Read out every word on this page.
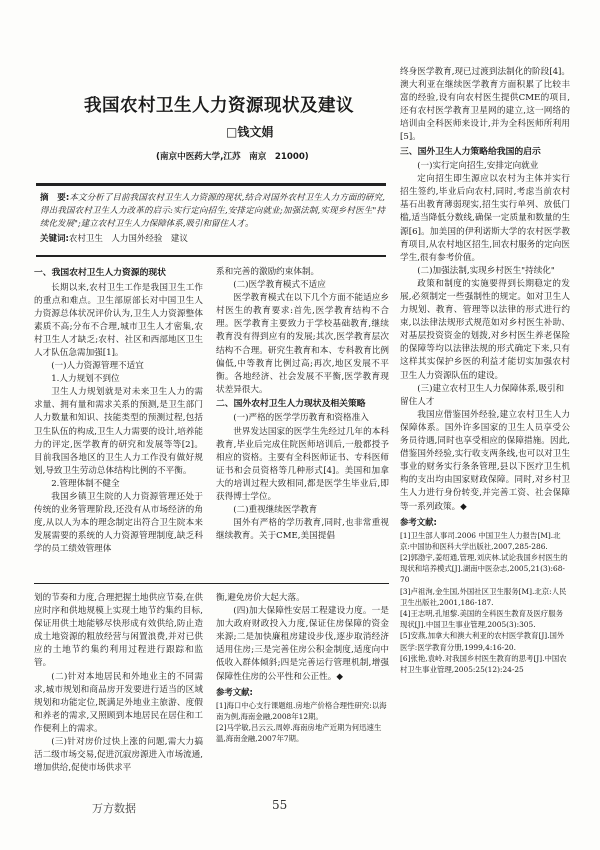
我国农村卫生人力资源现状及建议
□钱文娟
(南京中医药大学,江苏　南京　21000)
摘　要:本文分析了目前我国农村卫生人力资源的现状,结合对国外农村卫生人力方面的研究,得出我国农村卫生人力改革的启示:实行定向招生,安排定向就业;加强法制,实现乡村医生"持续化发展";建立农村卫生人力保障体系,吸引和留住人才。
关键词:农村卫生　人力国外经验　建议
一、我国农村卫生人力资源的现状
长期以来,农村卫生工作是我国卫生工作的重点和难点。卫生部原部长对中国卫生人力资源总体状况评价认为,卫生人力资源整体素质不高;分布不合理,城市卫生人才密集,农村卫生人才缺乏;农村、社区和西部地区卫生人才队伍急需加强[1]。
(一)人力资源管理不适宜
1.人力规划不到位
卫生人力规划就是对未来卫生人力的需求量、拥有量和需求关系的预测,是卫生部门人力数量和知识、技能类型的预测过程,包括卫生队伍的构成,卫生人力需要的设计,培养能力的评定,医学教育的研究和发展等等[2]。目前我国各地区的卫生人力工作没有做好规划,导致卫生劳动总体结构比例的不平衡。
2.管理体制不健全
我国乡镇卫生院的人力资源管理还处于传统的业务管理阶段,还没有从市场经济的角度,从以人为本的理念制定出符合卫生院本来发展需要的系统的人力资源管理制度,缺乏科学的员工绩效管理体
系和完善的激励约束体制。
(二)医学教育模式不适应
医学教育模式在以下几个方面不能适应乡村医生的教育要求:首先,医学教育结构不合理。医学教育主要致力于学校基础教育,继续教育没有得到应有的发展;其次,医学教育层次结构不合理。研究生教育和本、专科教育比例偏低,中等教育比例过高;再次,地区发展不平衡。各地经济、社会发展不平衡,医学教育现状差异很大。
二、国外农村卫生人力现状及相关策略
(一)严格的医学学历教育和资格准入
世界发达国家的医学生先经过几年的本科教育,毕业后完成住院医师培训后,一般都授予相应的资格。主要有全科医师证书、专科医师证书和会员资格等几种形式[4]。美国和加拿大的培训过程大致相同,都是医学生毕业后,即获得博士学位。
(二)重视继续医学教育
国外有严格的学历教育,同时,也非常重视继续教育。关于CME,美国提倡
终身医学教育,现已过渡到法制化的阶段[4]。澳大利亚在继续医学教育方面积累了比较丰富的经验,设有向农村医生提供CME的项目,还有农村医学教育卫星网的建立,这一网络的培训由全科医师来设计,并为全科医师所利用[5]。
三、国外卫生人力策略给我国的启示
(一)实行定向招生,安排定向就业
定向招生即生源应以农村为主体并实行招生签约,毕业后向农村,同时,考虑当前农村基石出教育薄弱现实,招生实行单列、放低门槛,适当降低分数线,确保一定质量和数量的生源[6]。加美国的伊利诺斯大学的农村医学教育项目,从农村地区招生,回农村服务的定向医学生,很有参考价值。
(二)加强法制,实现乡村医生"持续化"
政策和制度的实施要得到长期稳定的发展,必须制定一些强制性的规定。如对卫生人力规划、教育、管理等以法律的形式进行约束,以法律法规形式规范如对乡村医生补助、对基层投资资金的划拨,对乡村医生养老保险的保障等均以法律法规的形式确定下来,只有这样其实保护乡医的利益才能切实加强农村卫生人力资源队伍的建设。
(三)建立农村卫生人力保障体系,吸引和留住人才
我国应借鉴国外经验,建立农村卫生人力保障体系。国外许多国家的卫生人员享受公务员待遇,同时也享受相应的保障措施。因此,借鉴国外经验,实行收支两条线,也可以对卫生事业的财务实行条条管理,县以下医疗卫生机构的支出均由国家财政保障。同时,对乡村卫生人力进行身份转变,并完善工资、社会保障等一系列政策。◆
参考文献:
[1]卫生部人事司.2006 中国卫生人力报告[M].北京:中国协和医科大学出版社,2007,285-286.
[2]郭渤宇,姜绍通,管理,刘庆林.试论我国乡村医生的现状和培养模式[J].湖南中医杂志,2005,21(3):68-70
[3]卢祖洵,金生国,外国社区卫生服务[M].北京:人民卫生出版社,2001,186-187.
[4]王志明,孔旭黎.美国的全科医生教育及医疗服务现状[J].中国卫生事业管理,2005(3):305.
[5]安燕,加拿大和澳大利亚的农村医学教育[J].国外医学:医学教育分册,1999,4:16-20.
[6]张艳,袁岭.对我国乡村医生教育的思考[J].中国农村卫生事业管理,2005:25(12):24-25
划的节奏和力度,合理把握土地供应节奏,在供应时序和供地规模上实现土地节约集约目标,保证用供土地能够尽快形成有效供给,防止造成土地资源的粗放经营与闲置浪费,并对已供应的土地节约集约利用过程进行跟踪和监管。
(二)针对本地居民和外地业主的不同需求,城市规划和商品房开发要进行适当的区域规划和功能定位,既满足外地业主旅游、度假和养老的需求,又照顾到本地居民在居住和工作便利上的需求。
(三)针对房价过快上涨的问题,需大力搞活二级市场交易,促进沉寂房源进入市场流通,增加供给,促使市场供求平
衡,避免房价大起大落。
(四)加大保障性安居工程建设力度。一是加大政府财政投入力度,保证住房保障的资金来源;二是加快廉租房建设步伐,逐步取消经济适用住房;三是完善住房公积金制度,适度向中低收入群体倾斜;四是完善运行管理机制,增强保障性住房的公平性和公正性。◆
参考文献:
[1]海口中心支行课题组.房地产价格合理性研究:以海南为例,海南金融,2008年12期。
[2]马学敏,吕云云,周婷.海南房地产近期为何迅速生温,海南金融,2007年7期。
万方数据	55
